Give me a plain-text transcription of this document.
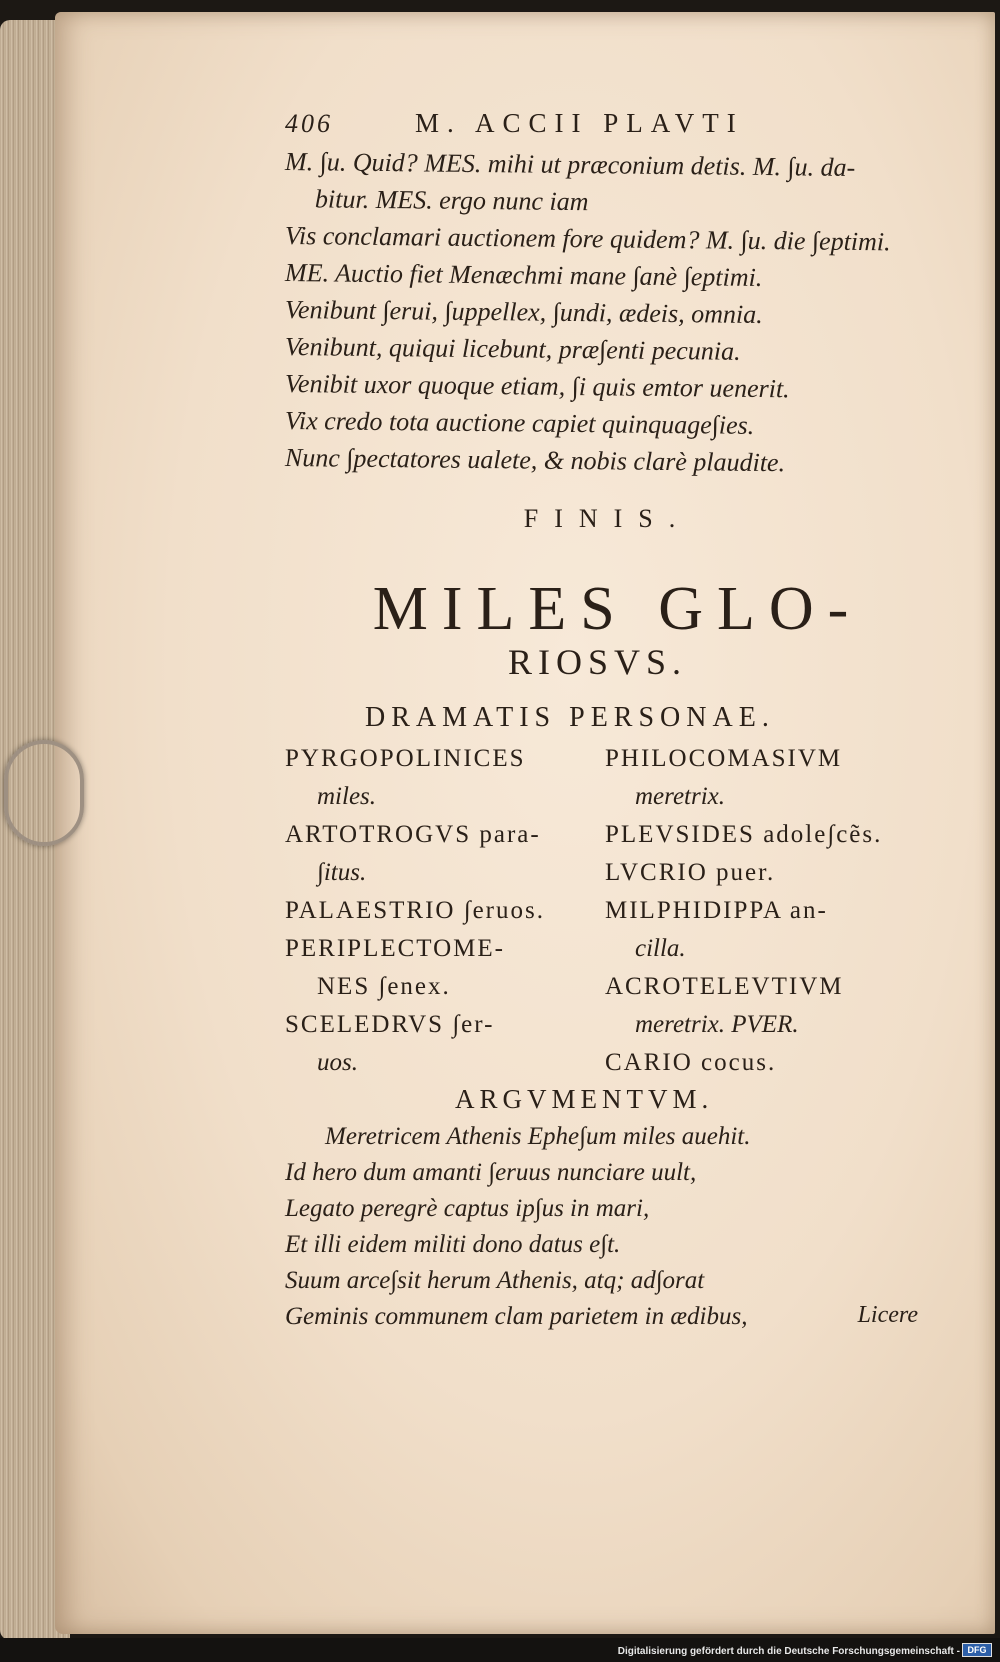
406	M. ACCII PLAVTI
M. ∫u. Quid? MES. mihi ut præconium detis. M. ∫u. da-
bitur. MES. ergo nunc iam
Vis conclamari auctionem fore quidem? M. ∫u. die ∫eptimi.
ME. Auctio fiet Menæchmi mane ∫anè ∫eptimi.
Venibunt ∫erui, ∫uppellex, ∫undi, ædeis, omnia.
Venibunt, quiqui licebunt, præ∫enti pecunia.
Venibit uxor quoque etiam, ∫i quis emtor uenerit.
Vix credo tota auctione capiet quinquage∫ies.
Nunc ∫pectatores ualete, & nobis clarè plaudite.
FINIS.
MILES GLO-
RIOSVS.
DRAMATIS PERSONAE.
PYRGOPOLINICES	PHILOCOMASIVM
miles.	meretrix.
ARTOTROGVS para-	PLEVSIDES adole∫cẽs.
∫itus.	LVCRIO puer.
PALAESTRIO ∫eruos.	MILPHIDIPPA an-
PERIPLECTOME-	cilla.
NES ∫enex.	ACROTELEVTIVM
SCELEDRVS ∫er-	meretrix. PVER.
uos.	CARIO cocus.
ARGVMENTVM.
Meretricem Athenis Ephe∫um miles auehit.
Id hero dum amanti ∫eruus nunciare uult,
Legato peregrè captus ip∫us in mari,
Et illi eidem militi dono datus e∫t.
Suum arce∫sit herum Athenis, atq; ad∫orat
Geminis communem clam parietem in ædibus,	Licere
Digitalisierung gefördert durch die Deutsche Forschungsgemeinschaft - DFG
